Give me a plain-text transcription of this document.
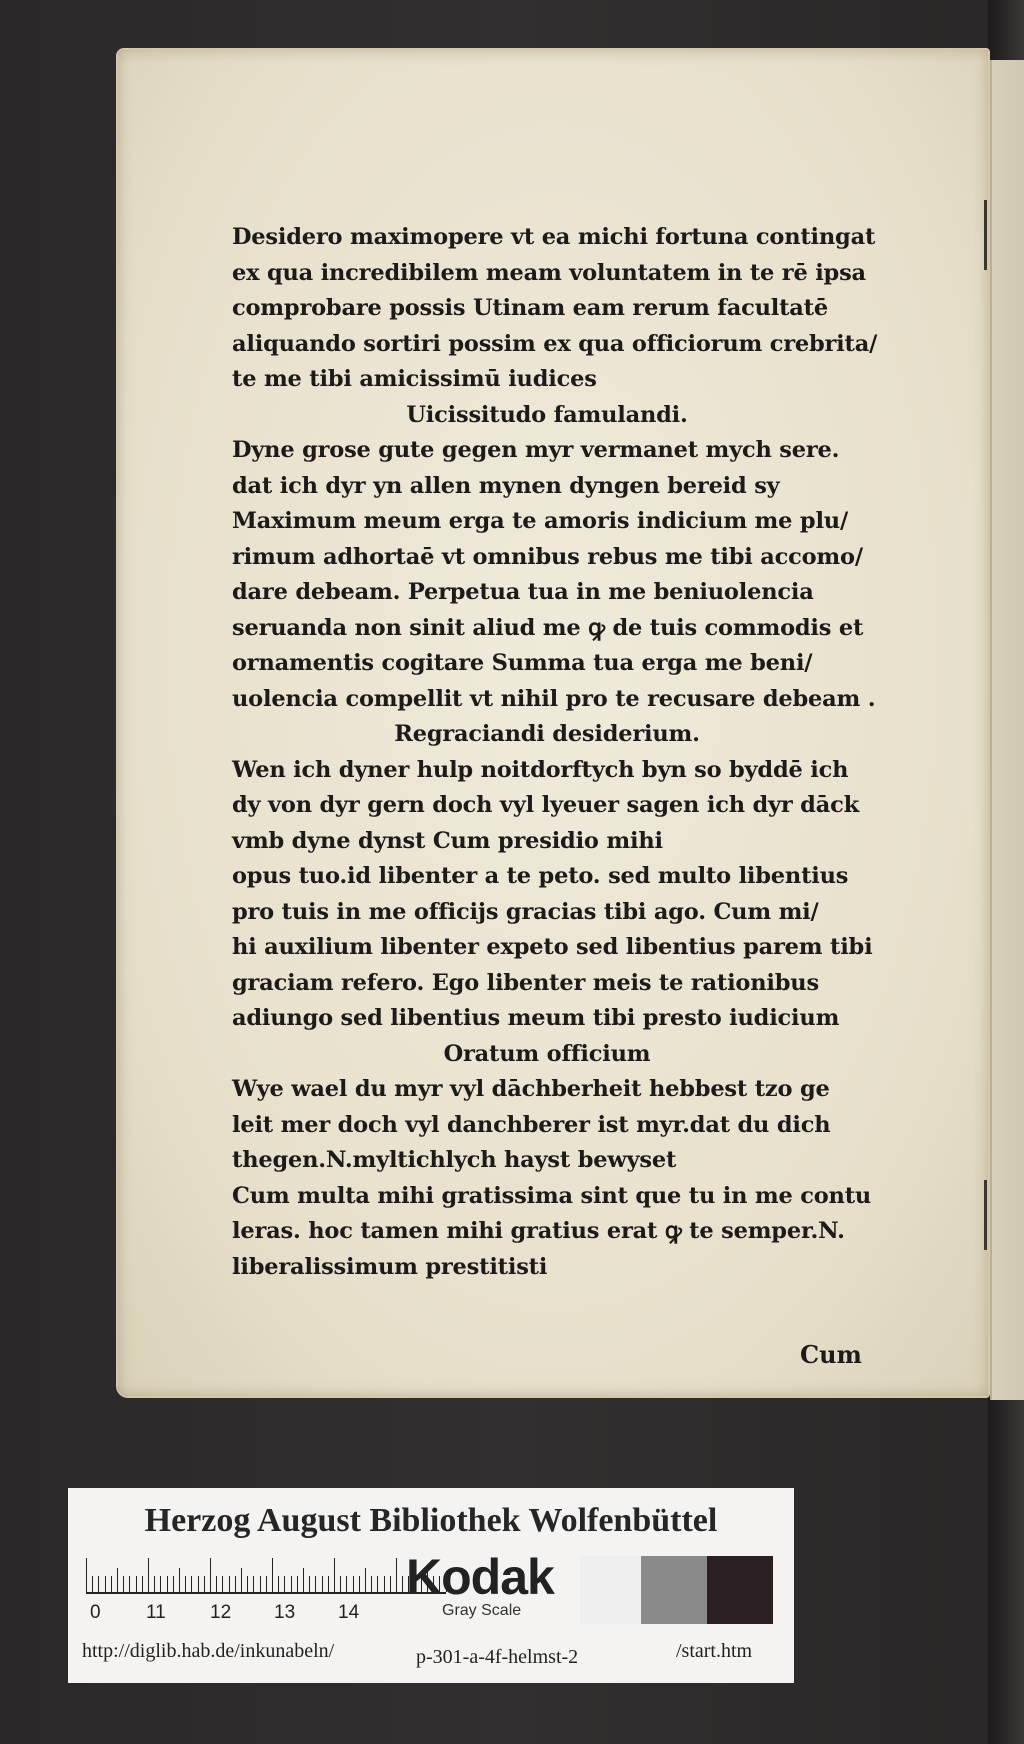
Desidero maximopere vt ea michi fortuna contingat
ex qua incredibilem meam voluntatem in te rē ipsa
comprobare possis Utinam eam rerum facultatē
aliquando sortiri possim ex qua officiorum crebrita/
te me tibi amicissimū iudices
Uicissitudo famulandi.
Dyne grose gute gegen myr vermanet mych sere.
dat ich dyr yn allen mynen dyngen bereid sy
Maximum meum erga te amoris indicium me plu/
rimum adhortaē vt omnibus rebus me tibi accomo/
dare debeam. Perpetua tua in me beniuolencia
seruanda non sinit aliud me ꝙ de tuis commodis et
ornamentis cogitare Summa tua erga me beni/
uolencia compellit vt nihil pro te recusare debeam .
Regraciandi desiderium.
Wen ich dyner hulp noitdorftych byn so byddē ich
dy von dyr gern doch vyl lyeuer sagen ich dyr dāck
vmb dyne dynst Cum presidio mihi
opus tuo.id libenter a te peto. sed multo libentius
pro tuis in me officijs gracias tibi ago. Cum mi/
hi auxilium libenter expeto sed libentius parem tibi
graciam refero. Ego libenter meis te rationibus
adiungo sed libentius meum tibi presto iudicium
Oratum officium
Wye wael du myr vyl dāchberheit hebbest tzo ge
leit mer doch vyl danchberer ist myr.dat du dich
thegen.N.myltichlych hayst bewyset
Cum multa mihi gratissima sint que tu in me contu
leras. hoc tamen mihi gratius erat ꝙ te semper.N.
liberalissimum prestitisti
Cum
Herzog August Bibliothek Wolfenbüttel
0 11 12 13 14
Kodak
Gray Scale
http://diglib.hab.de/inkunabeln/	p-301-a-4f-helmst-2	/start.htm
